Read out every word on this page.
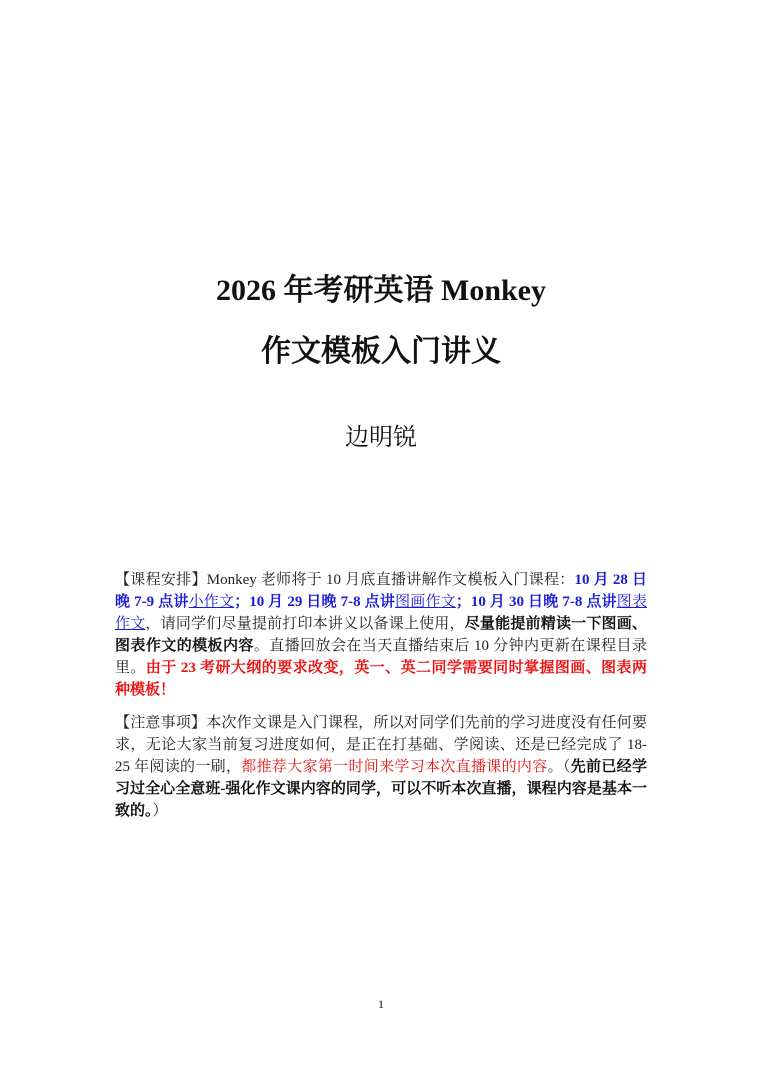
2026 年考研英语 Monkey
作文模板入门讲义
边明锐

【课程安排】Monkey 老师将于 10 月底直播讲解作文模板入门课程：10 月 28 日晚 7-9 点讲小作文；10 月 29 日晚 7-8 点讲图画作文；10 月 30 日晚 7-8 点讲图表作文，请同学们尽量提前打印本讲义以备课上使用，尽量能提前精读一下图画、图表作文的模板内容。直播回放会在当天直播结束后 10 分钟内更新在课程目录里。由于 23 考研大纲的要求改变，英一、英二同学需要同时掌握图画、图表两种模板！

【注意事项】本次作文课是入门课程，所以对同学们先前的学习进度没有任何要求，无论大家当前复习进度如何，是正在打基础、学阅读、还是已经完成了 18-25 年阅读的一刷，都推荐大家第一时间来学习本次直播课的内容。（先前已经学习过全心全意班-强化作文课内容的同学，可以不听本次直播，课程内容是基本一致的。）

1
